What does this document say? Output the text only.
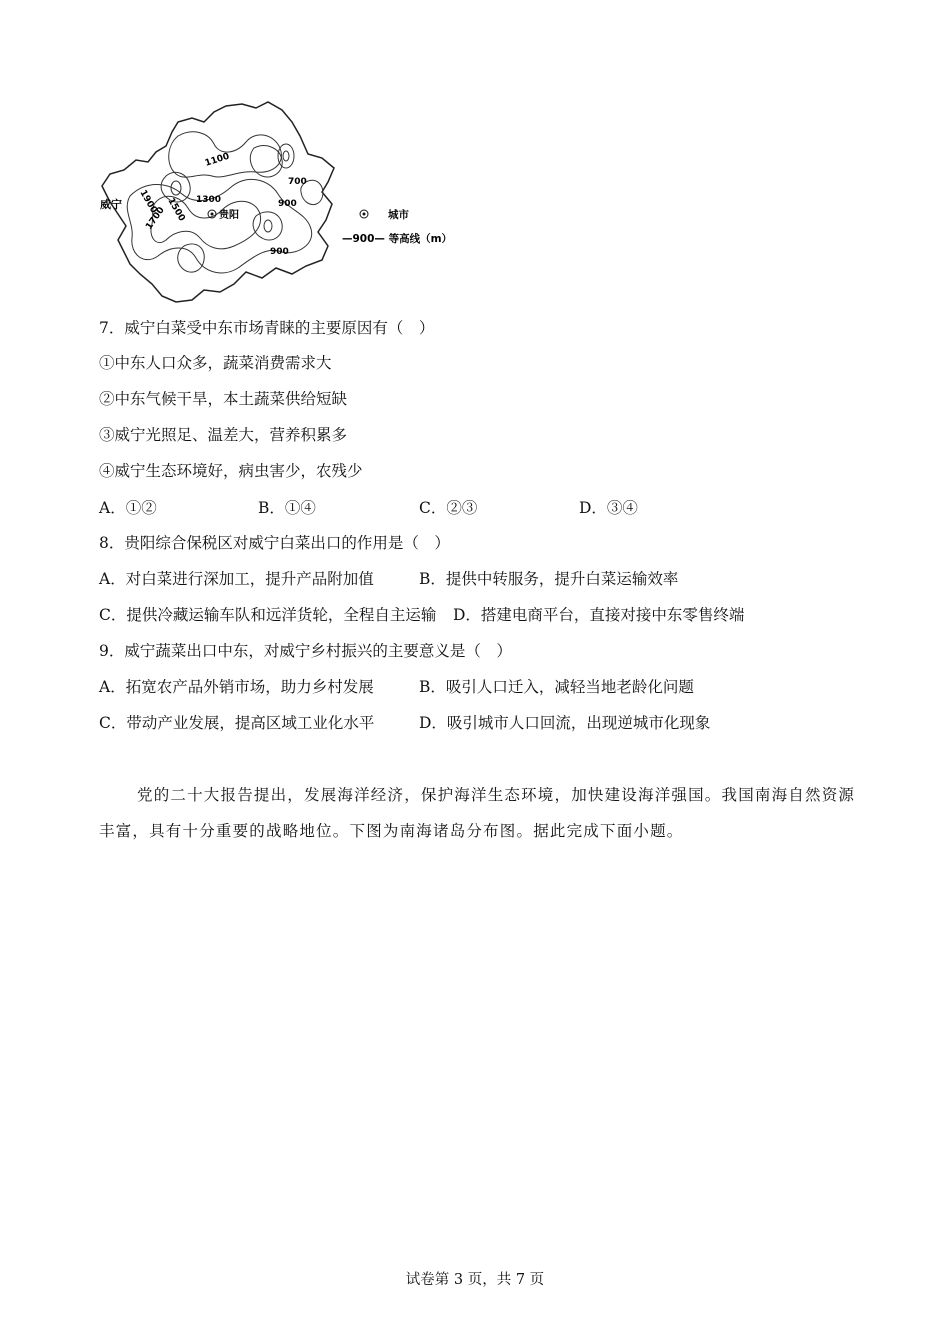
威宁
1100
1900 1500 1300
1700
700
900
900
贵阳	城市
—900— 等高线（m）
7．威宁白菜受中东市场青睐的主要原因有（　）
①中东人口众多，蔬菜消费需求大
②中东气候干旱，本土蔬菜供给短缺
③威宁光照足、温差大，营养积累多
④威宁生态环境好，病虫害少，农残少
A．①②	B．①④	C．②③	D．③④
8．贵阳综合保税区对威宁白菜出口的作用是（　）
A．对白菜进行深加工，提升产品附加值	B．提供中转服务，提升白菜运输效率
C．提供冷藏运输车队和远洋货轮，全程自主运输 D．搭建电商平台，直接对接中东零售终端
9．威宁蔬菜出口中东，对威宁乡村振兴的主要意义是（　）
A．拓宽农产品外销市场，助力乡村发展	B．吸引人口迁入，减轻当地老龄化问题
C．带动产业发展，提高区域工业化水平	D．吸引城市人口回流，出现逆城市化现象
党的二十大报告提出，发展海洋经济，保护海洋生态环境，加快建设海洋强国。我国南海自然资源丰富，具有十分重要的战略地位。下图为南海诸岛分布图。据此完成下面小题。
试卷第 3 页，共 7 页
